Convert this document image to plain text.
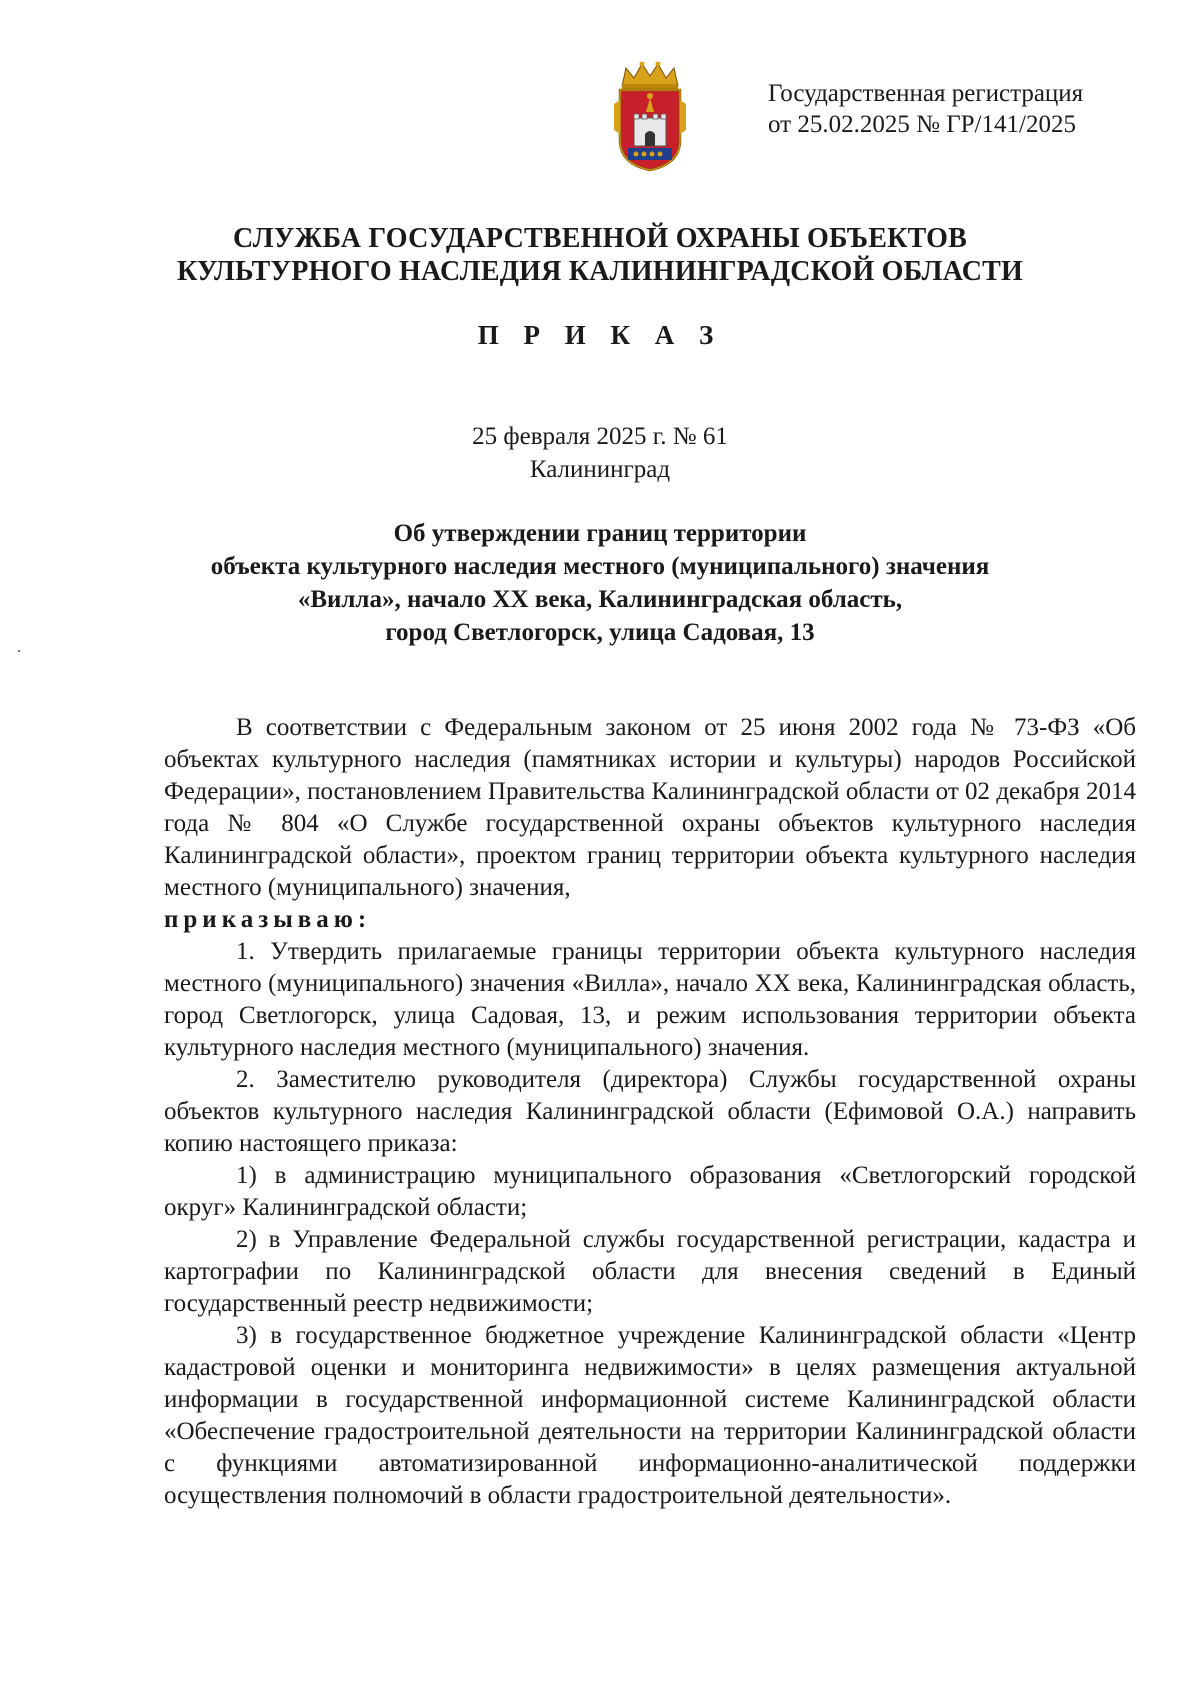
Государственная регистрация
от 25.02.2025 № ГР/141/2025
СЛУЖБА ГОСУДАРСТВЕННОЙ ОХРАНЫ ОБЪЕКТОВ
КУЛЬТУРНОГО НАСЛЕДИЯ КАЛИНИНГРАДСКОЙ ОБЛАСТИ
П Р И К А З
25 февраля 2025 г. № 61
Калининград
Об утверждении границ территории
объекта культурного наследия местного (муниципального) значения
«Вилла», начало XX века, Калининградская область,
город Светлогорск, улица Садовая, 13

В соответствии с Федеральным законом от 25 июня 2002 года № 73-ФЗ «Об объектах культурного наследия (памятниках истории и культуры) народов Российской Федерации», постановлением Правительства Калининградской области от 02 декабря 2014 года № 804 «О Службе государственной охраны объектов культурного наследия Калининградской области», проектом границ территории объекта культурного наследия местного (муниципального) значения,

приказываю:

1. Утвердить прилагаемые границы территории объекта культурного наследия местного (муниципального) значения «Вилла», начало XX века, Калининградская область, город Светлогорск, улица Садовая, 13, и режим использования территории объекта культурного наследия местного (муниципального) значения.

2. Заместителю руководителя (директора) Службы государственной охраны объектов культурного наследия Калининградской области (Ефимовой О.А.) направить копию настоящего приказа:

1) в администрацию муниципального образования «Светлогорский городской округ» Калининградской области;

2) в Управление Федеральной службы государственной регистрации, кадастра и картографии по Калининградской области для внесения сведений в Единый государственный реестр недвижимости;

3) в государственное бюджетное учреждение Калининградской области «Центр кадастровой оценки и мониторинга недвижимости» в целях размещения актуальной информации в государственной информационной системе Калининградской области «Обеспечение градостроительной деятельности на территории Калининградской области с функциями автоматизированной информационно-аналитической поддержки осуществления полномочий в области градостроительной деятельности».
